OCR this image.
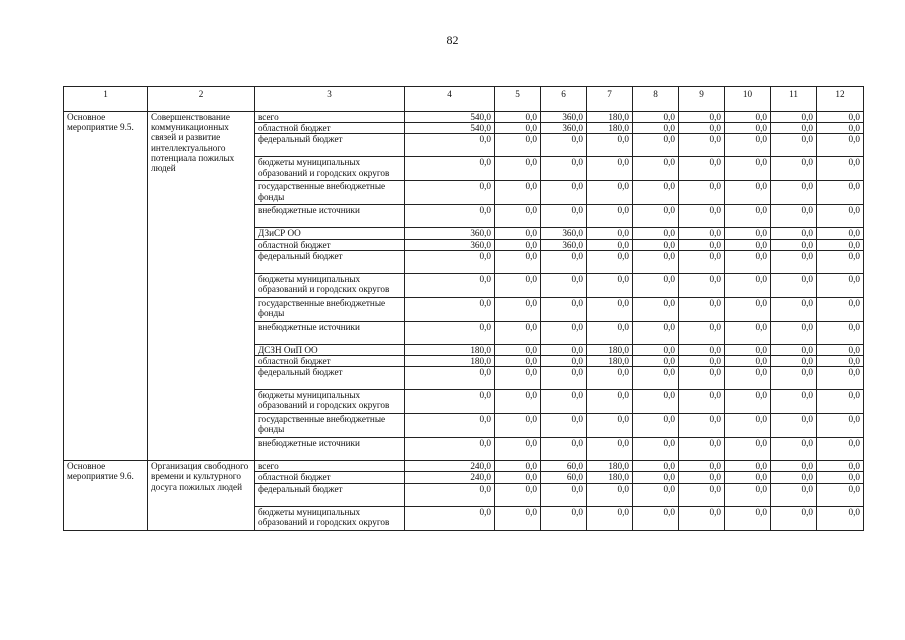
82
1	2	3	4	5	6	7	8	9	10	11	12
Основное мероприятие 9.5.	Совершенствование коммуникационных связей и развитие интеллектуального потенциала пожилых людей	всего	540,0	0,0	360,0	180,0	0,0	0,0	0,0	0,0	0,0
		областной бюджет	540,0	0,0	360,0	180,0	0,0	0,0	0,0	0,0	0,0
		федеральный бюджет	0,0	0,0	0,0	0,0	0,0	0,0	0,0	0,0	0,0
		бюджеты муниципальных образований и городских округов	0,0	0,0	0,0	0,0	0,0	0,0	0,0	0,0	0,0
		государственные внебюджетные фонды	0,0	0,0	0,0	0,0	0,0	0,0	0,0	0,0	0,0
		внебюджетные источники	0,0	0,0	0,0	0,0	0,0	0,0	0,0	0,0	0,0
		ДЗиСР ОО	360,0	0,0	360,0	0,0	0,0	0,0	0,0	0,0	0,0
		областной бюджет	360,0	0,0	360,0	0,0	0,0	0,0	0,0	0,0	0,0
		федеральный бюджет	0,0	0,0	0,0	0,0	0,0	0,0	0,0	0,0	0,0
		бюджеты муниципальных образований и городских округов	0,0	0,0	0,0	0,0	0,0	0,0	0,0	0,0	0,0
		государственные внебюджетные фонды	0,0	0,0	0,0	0,0	0,0	0,0	0,0	0,0	0,0
		внебюджетные источники	0,0	0,0	0,0	0,0	0,0	0,0	0,0	0,0	0,0
		ДСЗН ОиП ОО	180,0	0,0	0,0	180,0	0,0	0,0	0,0	0,0	0,0
		областной бюджет	180,0	0,0	0,0	180,0	0,0	0,0	0,0	0,0	0,0
		федеральный бюджет	0,0	0,0	0,0	0,0	0,0	0,0	0,0	0,0	0,0
		бюджеты муниципальных образований и городских округов	0,0	0,0	0,0	0,0	0,0	0,0	0,0	0,0	0,0
		государственные внебюджетные фонды	0,0	0,0	0,0	0,0	0,0	0,0	0,0	0,0	0,0
		внебюджетные источники	0,0	0,0	0,0	0,0	0,0	0,0	0,0	0,0	0,0
Основное мероприятие 9.6.	Организация свободного времени и культурного досуга пожилых людей	всего	240,0	0,0	60,0	180,0	0,0	0,0	0,0	0,0	0,0
		областной бюджет	240,0	0,0	60,0	180,0	0,0	0,0	0,0	0,0	0,0
		федеральный бюджет	0,0	0,0	0,0	0,0	0,0	0,0	0,0	0,0	0,0
		бюджеты муниципальных образований и городских округов	0,0	0,0	0,0	0,0	0,0	0,0	0,0	0,0	0,0
